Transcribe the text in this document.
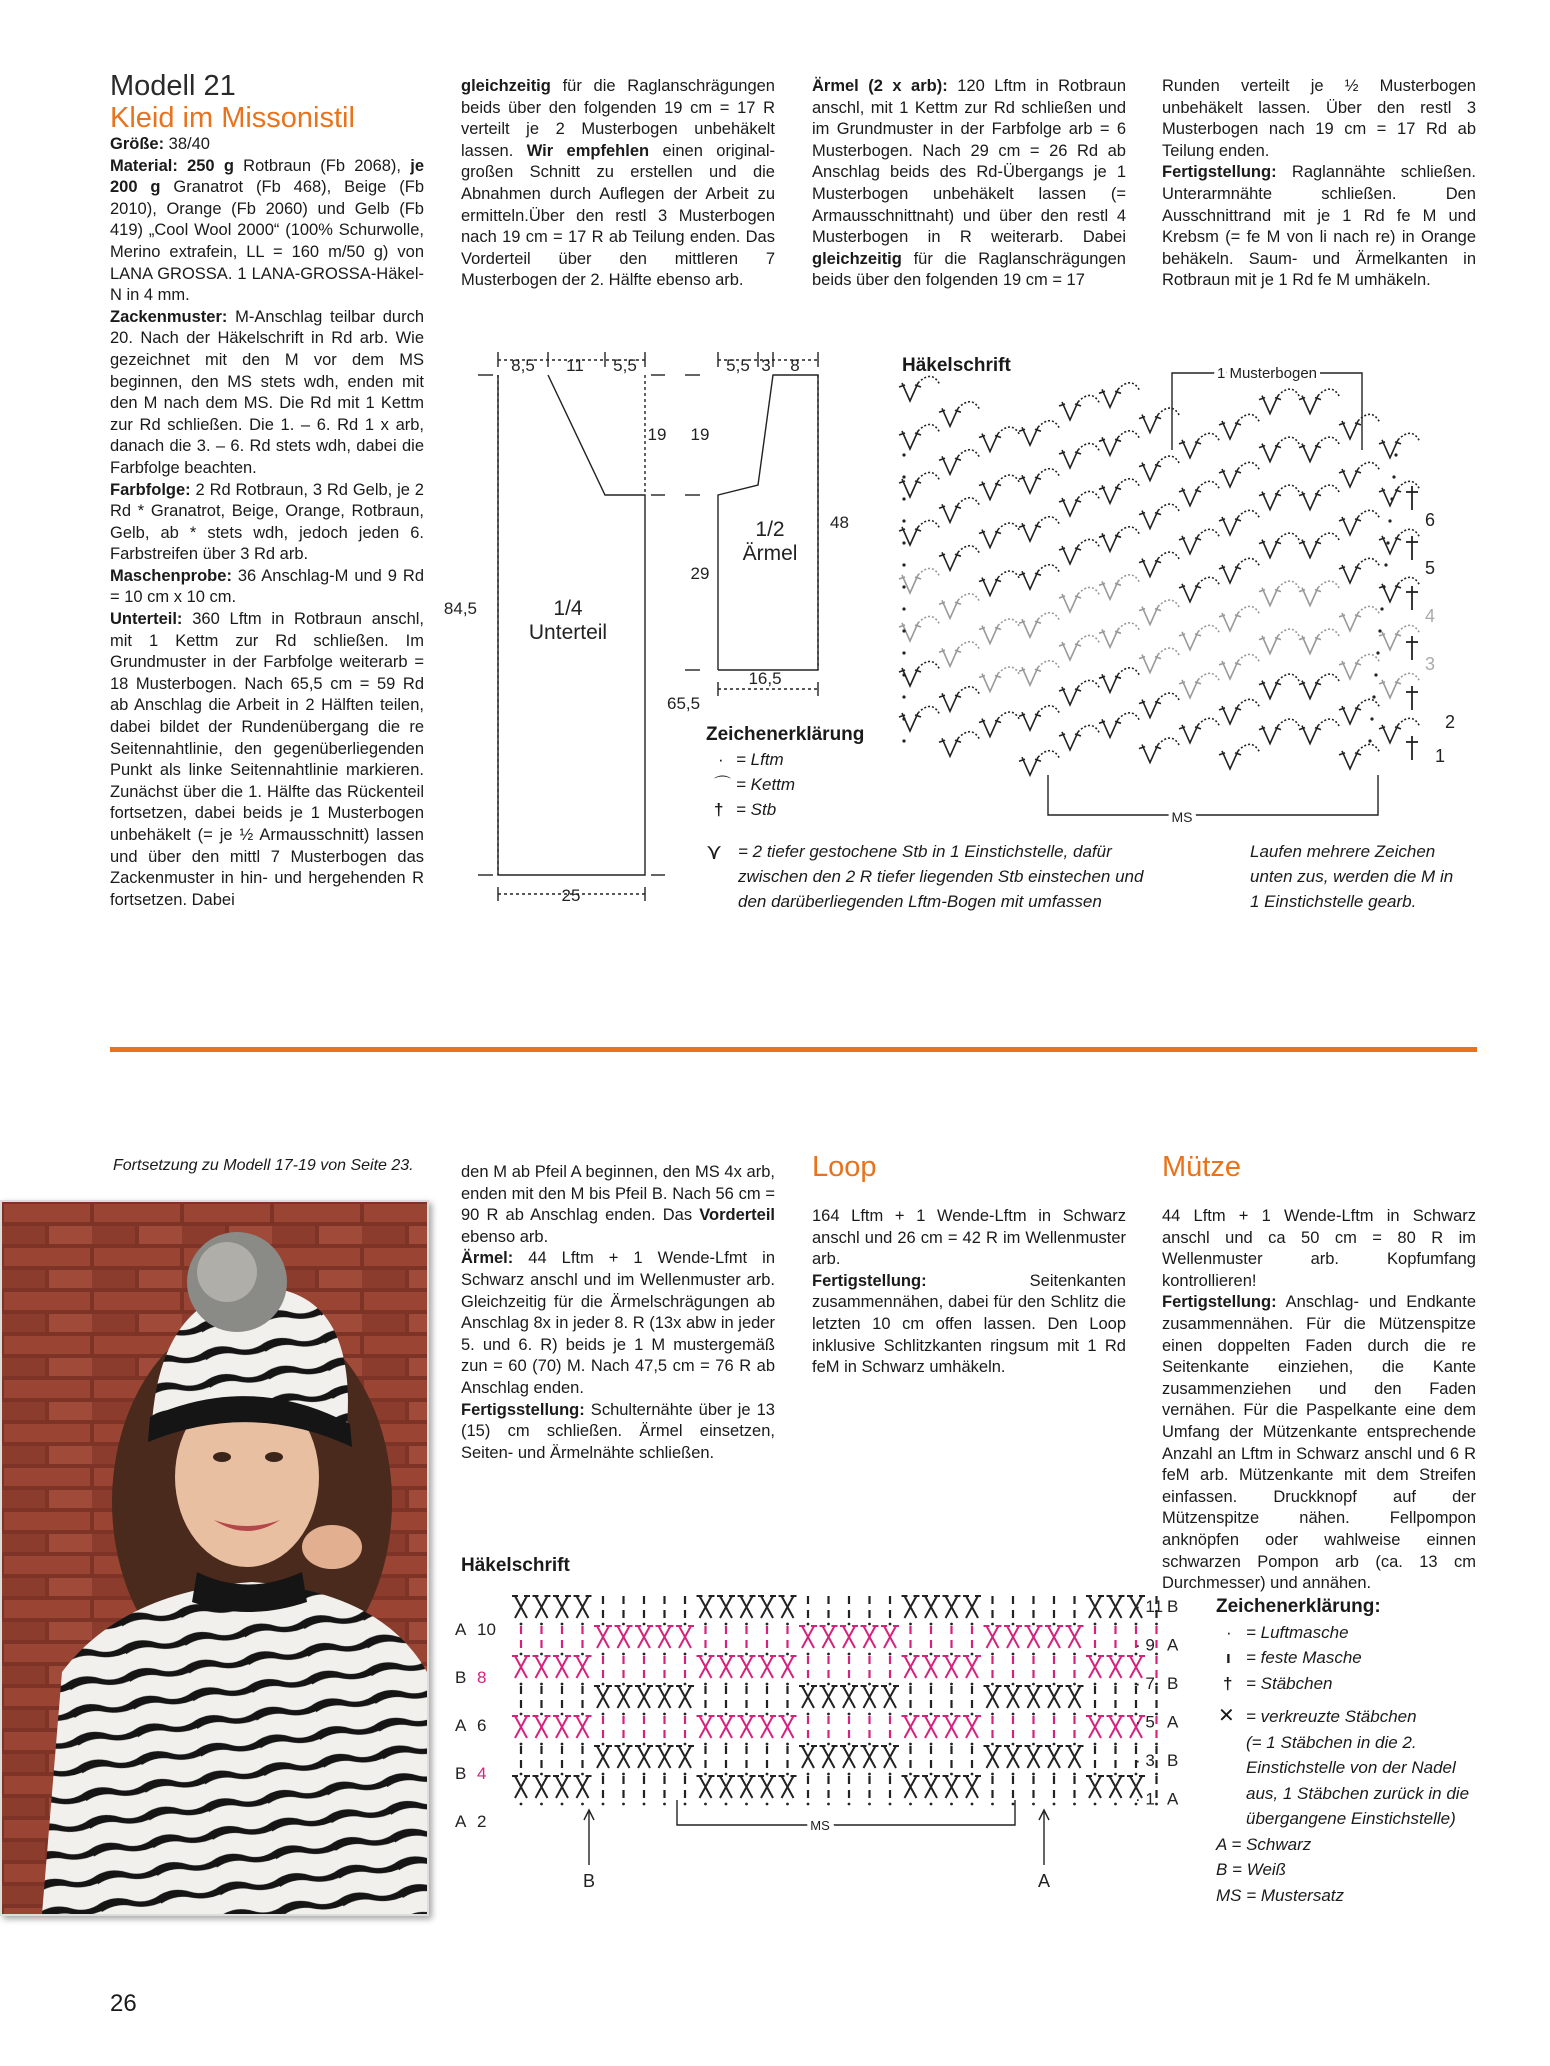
Modell 21

Kleid im Missonistil

Größe: 38/40
Material: 250 g Rotbraun (Fb 2068), je 200 g Granatrot (Fb 468), Beige (Fb 2010), Orange (Fb 2060) und Gelb (Fb 419) „Cool Wool 2000“ (100% Schurwolle, Merino extrafein, LL = 160 m/50 g) von LANA GROSSA. 1 LANA-GROSSA-Häkel-N in 4 mm.
Zackenmuster: M-Anschlag teilbar durch 20. Nach der Häkelschrift in Rd arb. Wie gezeichnet mit den M vor dem MS beginnen, den MS stets wdh, enden mit den M nach dem MS. Die Rd mit 1 Kettm zur Rd schließen. Die 1. – 6. Rd 1 x arb, danach die 3. – 6. Rd stets wdh, dabei die Farbfolge beachten.
Farbfolge: 2 Rd Rotbraun, 3 Rd Gelb, je 2 Rd * Granatrot, Beige, Orange, Rotbraun, Gelb, ab * stets wdh, jedoch jeden 6. Farbstreifen über 3 Rd arb.
Maschenprobe: 36 Anschlag-M und 9 Rd = 10 cm x 10 cm.
Unterteil: 360 Lftm in Rotbraun anschl, mit 1 Kettm zur Rd schließen. Im Grundmuster in der Farbfolge weiterarb = 18 Musterbogen. Nach 65,5 cm = 59 Rd ab Anschlag die Arbeit in 2 Hälften teilen, dabei bildet der Rundenübergang die re Seitennahtlinie, den gegenüberliegenden Punkt als linke Seitennahtlinie markieren. Zunächst über die 1. Hälfte das Rückenteil fortsetzen, dabei beids je 1 Musterbogen unbehäkelt (= je ½ Armausschnitt) lassen und über den mittl 7 Musterbogen das Zackenmuster in hin- und hergehenden R fortsetzen. Dabei
gleichzeitig für die Raglanschrägungen beids über den folgenden 19 cm = 17 R verteilt je 2 Musterbogen unbehäkelt lassen. Wir empfehlen einen original-großen Schnitt zu erstellen und die Abnahmen durch Auflegen der Arbeit zu ermitteln.Über den restl 3 Musterbogen nach 19 cm = 17 R ab Teilung enden. Das Vorderteil über den mittleren 7 Musterbogen der 2. Hälfte ebenso arb.
Ärmel (2 x arb): 120 Lftm in Rotbraun anschl, mit 1 Kettm zur Rd schließen und im Grundmuster in der Farbfolge arb = 6 Musterbogen. Nach 29 cm = 26 Rd ab Anschlag beids des Rd-Übergangs je 1 Musterbogen unbehäkelt lassen (= Armausschnittnaht) und über den restl 4 Musterbogen in R weiterarb. Dabei gleichzeitig für die Raglanschrägungen beids über den folgenden 19 cm = 17
Runden verteilt je ½ Musterbogen unbehäkelt lassen. Über den restl 3 Musterbogen nach 19 cm = 17 Rd ab Teilung enden.
Fertigstellung: Raglannähte schließen. Unterarmnähte schließen. Den Ausschnittrand mit je 1 Rd fe M und Krebsm (= fe M von li nach re) in Orange behäkeln. Saum- und Ärmelkanten in Rotbraun mit je 1 Rd fe M umhäkeln.
8,5 11 5,5
19
84,5	1/4
Unterteil
65,5
25
5,5 3 8
19
48
29
1/2
Ärmel
16,5
Zeichenerklärung
· = Lftm
⌒ = Kettm
† = Stb
⋎ = 2 tiefer gestochene Stb in 1 Einstichstelle, dafür
zwischen den 2 R tiefer liegenden Stb einstechen und
den darüberliegenden Lftm-Bogen mit umfassen
Laufen mehrere Zeichen
unten zus, werden die M in
1 Einstichstelle gearb.
Häkelschrift	1 Musterbogen
MS
6
5
4
3
2
1
Fortsetzung zu Modell 17-19 von Seite 23.	den M ab Pfeil A beginnen, den MS 4x arb, enden mit den M bis Pfeil B. Nach 56 cm = 90 R ab Anschlag enden. Das Vorderteil ebenso arb.
Ärmel: 44 Lftm + 1 Wende-Lfmt in Schwarz anschl und im Wellenmuster arb. Gleichzeitig für die Ärmelschrägungen ab Anschlag 8x in jeder 8. R (13x abw in jeder 5. und 6. R) beids je 1 M mustergemäß zun = 60 (70) M. Nach 47,5 cm = 76 R ab Anschlag enden.
Fertigsstellung: Schulternähte über je 13 (15) cm schließen. Ärmel einsetzen, Seiten- und Ärmelnähte schließen.
Loop
164 Lftm + 1 Wende-Lftm in Schwarz anschl und 26 cm = 42 R im Wellenmuster arb.
Fertigstellung: Seitenkanten zusammennähen, dabei für den Schlitz die letzten 10 cm offen lassen. Den Loop inklusive Schlitzkanten ringsum mit 1 Rd feM in Schwarz umhäkeln.
Mütze
44 Lftm + 1 Wende-Lftm in Schwarz anschl und ca 50 cm = 80 R im Wellenmuster arb. Kopfumfang kontrollieren!
Fertigstellung: Anschlag- und Endkante zusammennähen. Für die Mützenspitze einen doppelten Faden durch die re Seitenkante einziehen, die Kante zusammenziehen und den Faden vernähen. Für die Paspelkante eine dem Umfang der Mützenkante entsprechende Anzahl an Lftm in Schwarz anschl und 6 R feM arb. Mützenkante mit dem Streifen einfassen. Druckknopf auf der Mützenspitze nähen. Fellpompon anknöpfen oder wahlweise einnen schwarzen Pompon arb (ca. 13 cm Durchmesser) und annähen.
Häkelschrift
A 10
B 8
A 6
B 4
A 2
· 11 B
· 9 A
· 7 B
· 5 A
· 3 B
· 1 A
MS
B	A
Zeichenerklärung:
· = Luftmasche
ı = feste Masche
† = Stäbchen
✕ = verkreuzte Stäbchen
(= 1 Stäbchen in die 2.
Einstichstelle von der Nadel
aus, 1 Stäbchen zurück in die
übergangene Einstichstelle)
A = Schwarz
B = Weiß
MS = Mustersatz
26
